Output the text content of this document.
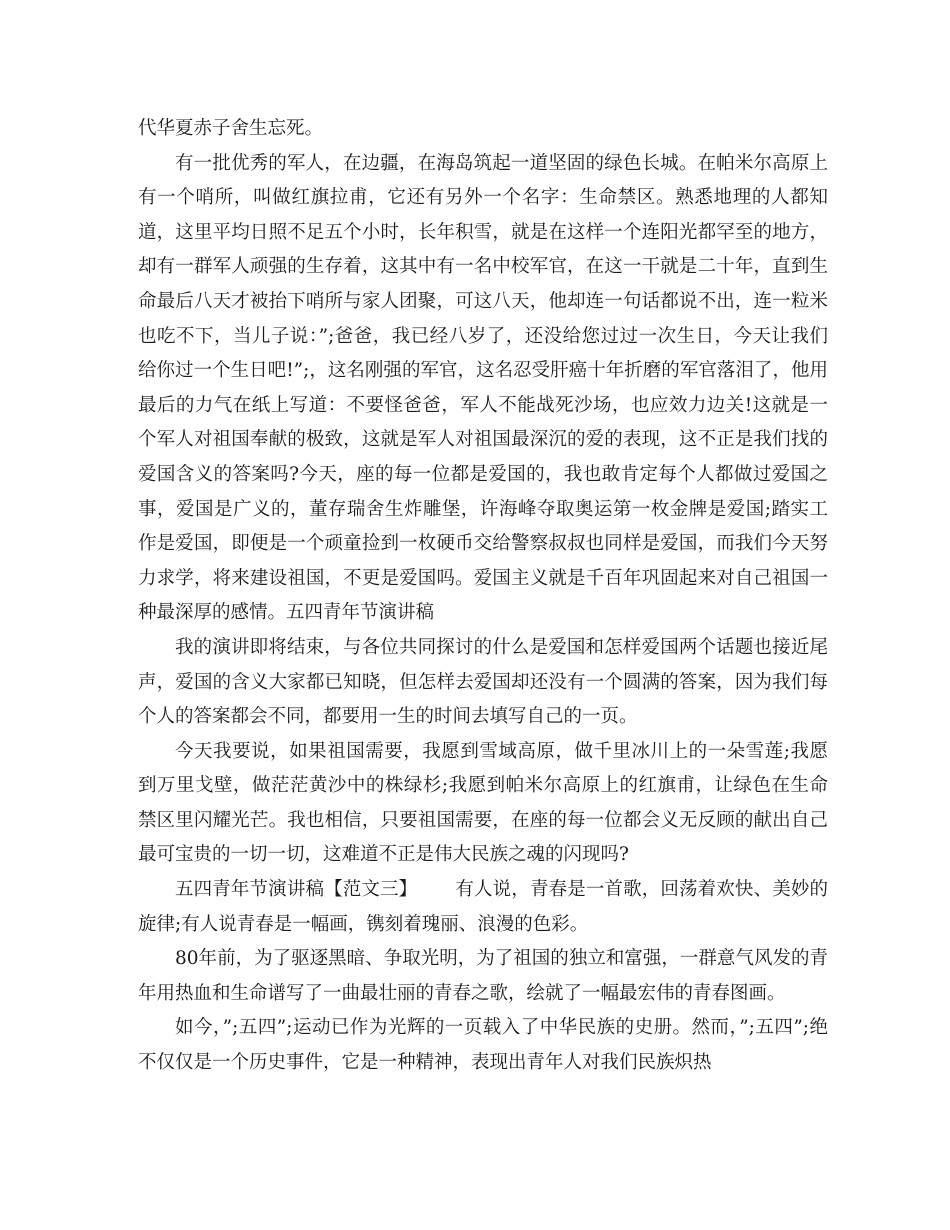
代华夏赤子舍生忘死。

有一批优秀的军人，在边疆，在海岛筑起一道坚固的绿色长城。在帕米尔高原上有一个哨所，叫做红旗拉甫，它还有另外一个名字：生命禁区。熟悉地理的人都知道，这里平均日照不足五个小时，长年积雪，就是在这样一个连阳光都罕至的地方，却有一群军人顽强的生存着，这其中有一名中校军官，在这一干就是二十年，直到生命最后八天才被抬下哨所与家人团聚，可这八天，他却连一句话都说不出，连一粒米也吃不下，当儿子说：”;爸爸，我已经八岁了，还没给您过过一次生日，今天让我们给你过一个生日吧!”;，这名刚强的军官，这名忍受肝癌十年折磨的军官落泪了，他用最后的力气在纸上写道：不要怪爸爸，军人不能战死沙场，也应效力边关!这就是一个军人对祖国奉献的极致，这就是军人对祖国最深沉的爱的表现，这不正是我们找的爱国含义的答案吗?今天，座的每一位都是爱国的，我也敢肯定每个人都做过爱国之事，爱国是广义的，董存瑞舍生炸雕堡，许海峰夺取奥运第一枚金牌是爱国;踏实工作是爱国，即便是一个顽童捡到一枚硬币交给警察叔叔也同样是爱国，而我们今天努力求学，将来建设祖国，不更是爱国吗。爱国主义就是千百年巩固起来对自己祖国一种最深厚的感情。五四青年节演讲稿

我的演讲即将结束，与各位共同探讨的什么是爱国和怎样爱国两个话题也接近尾声，爱国的含义大家都已知晓，但怎样去爱国却还没有一个圆满的答案，因为我们每个人的答案都会不同，都要用一生的时间去填写自己的一页。

今天我要说，如果祖国需要，我愿到雪域高原，做千里冰川上的一朵雪莲;我愿到万里戈壁，做茫茫黄沙中的株绿杉;我愿到帕米尔高原上的红旗甫，让绿色在生命禁区里闪耀光芒。我也相信，只要祖国需要，在座的每一位都会义无反顾的献出自己最可宝贵的一切一切，这难道不正是伟大民族之魂的闪现吗?

五四青年节演讲稿【范文三】 有人说，青春是一首歌，回荡着欢快、美妙的旋律;有人说青春是一幅画，镌刻着瑰丽、浪漫的色彩。

80年前，为了驱逐黑暗、争取光明，为了祖国的独立和富强，一群意气风发的青年用热血和生命谱写了一曲最壮丽的青春之歌，绘就了一幅最宏伟的青春图画。

如今，”;五四”;运动已作为光辉的一页载入了中华民族的史册。然而，”;五四”;绝不仅仅是一个历史事件，它是一种精神，表现出青年人对我们民族炽热
